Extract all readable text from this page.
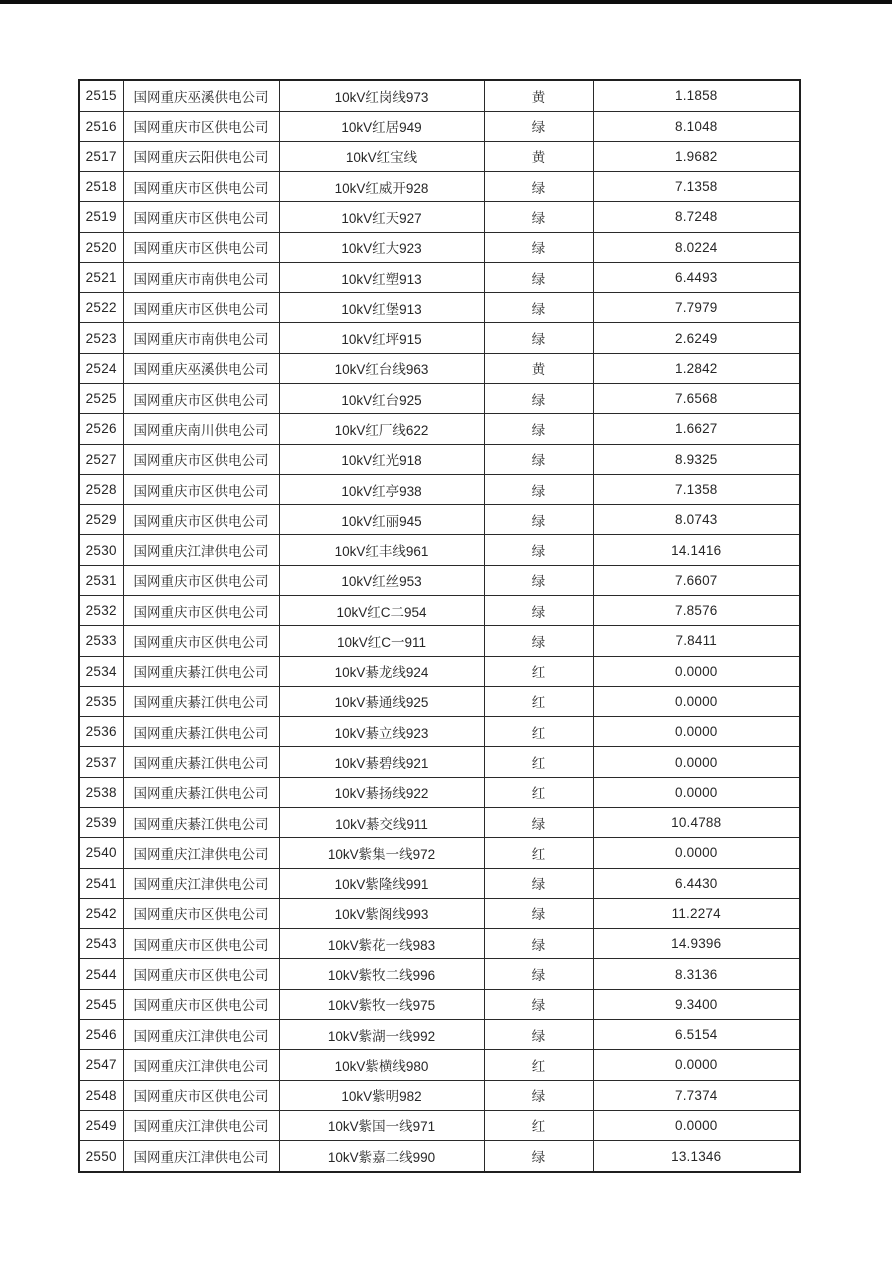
2515	国网重庆巫溪供电公司	10kV红岗线973	黄	1.1858
2516	国网重庆市区供电公司	10kV红居949	绿	8.1048
2517	国网重庆云阳供电公司	10kV红宝线	黄	1.9682
2518	国网重庆市区供电公司	10kV红威开928	绿	7.1358
2519	国网重庆市区供电公司	10kV红天927	绿	8.7248
2520	国网重庆市区供电公司	10kV红大923	绿	8.0224
2521	国网重庆市南供电公司	10kV红塑913	绿	6.4493
2522	国网重庆市区供电公司	10kV红堡913	绿	7.7979
2523	国网重庆市南供电公司	10kV红坪915	绿	2.6249
2524	国网重庆巫溪供电公司	10kV红台线963	黄	1.2842
2525	国网重庆市区供电公司	10kV红台925	绿	7.6568
2526	国网重庆南川供电公司	10kV红厂线622	绿	1.6627
2527	国网重庆市区供电公司	10kV红光918	绿	8.9325
2528	国网重庆市区供电公司	10kV红亭938	绿	7.1358
2529	国网重庆市区供电公司	10kV红丽945	绿	8.0743
2530	国网重庆江津供电公司	10kV红丰线961	绿	14.1416
2531	国网重庆市区供电公司	10kV红丝953	绿	7.6607
2532	国网重庆市区供电公司	10kV红C二954	绿	7.8576
2533	国网重庆市区供电公司	10kV红C一911	绿	7.8411
2534	国网重庆綦江供电公司	10kV綦龙线924	红	0.0000
2535	国网重庆綦江供电公司	10kV綦通线925	红	0.0000
2536	国网重庆綦江供电公司	10kV綦立线923	红	0.0000
2537	国网重庆綦江供电公司	10kV綦碧线921	红	0.0000
2538	国网重庆綦江供电公司	10kV綦扬线922	红	0.0000
2539	国网重庆綦江供电公司	10kV綦交线911	绿	10.4788
2540	国网重庆江津供电公司	10kV紫集一线972	红	0.0000
2541	国网重庆江津供电公司	10kV紫隆线991	绿	6.4430
2542	国网重庆市区供电公司	10kV紫阁线993	绿	11.2274
2543	国网重庆市区供电公司	10kV紫花一线983	绿	14.9396
2544	国网重庆市区供电公司	10kV紫牧二线996	绿	8.3136
2545	国网重庆市区供电公司	10kV紫牧一线975	绿	9.3400
2546	国网重庆江津供电公司	10kV紫湖一线992	绿	6.5154
2547	国网重庆江津供电公司	10kV紫横线980	红	0.0000
2548	国网重庆市区供电公司	10kV紫明982	绿	7.7374
2549	国网重庆江津供电公司	10kV紫国一线971	红	0.0000
2550	国网重庆江津供电公司	10kV紫嘉二线990	绿	13.1346
